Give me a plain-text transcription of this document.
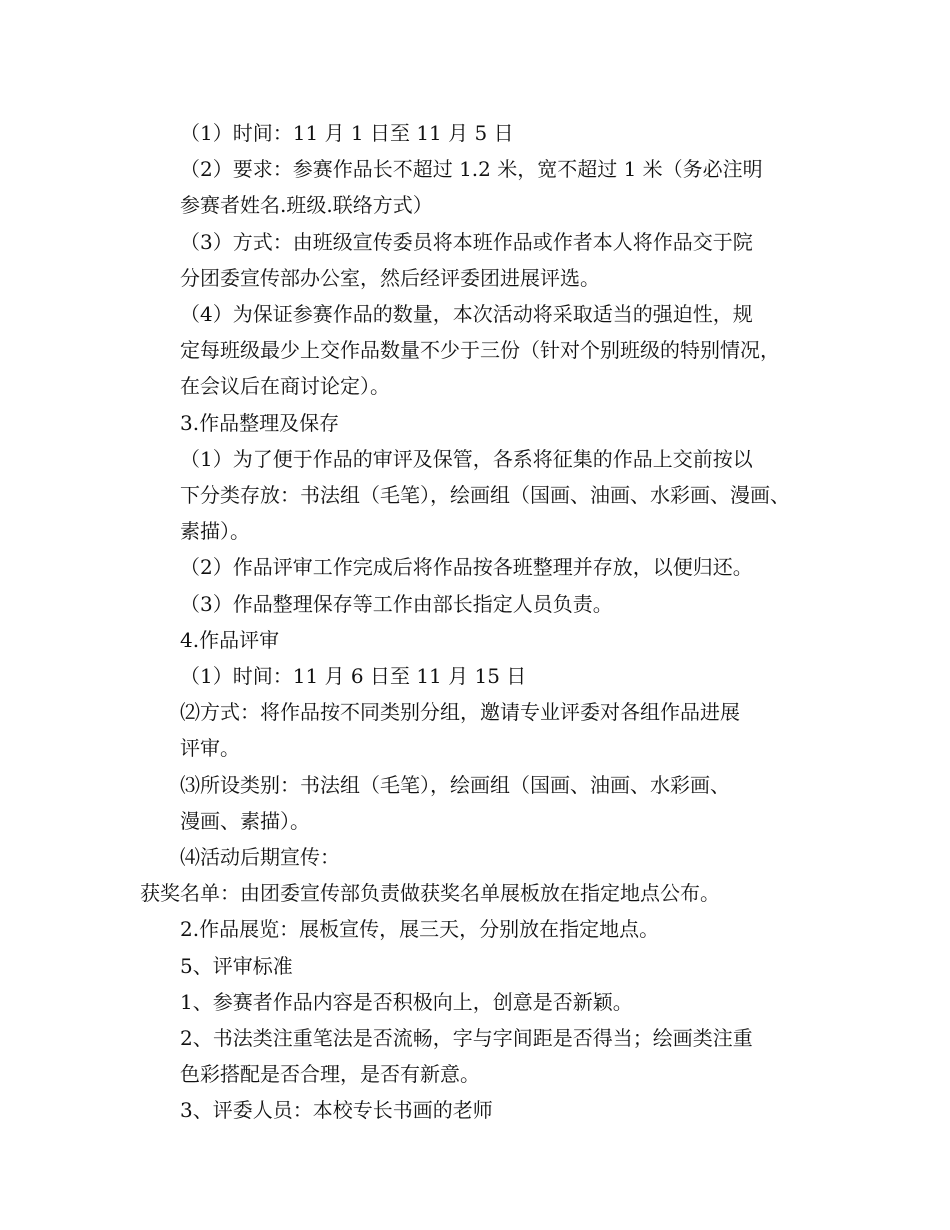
（1）时间：11 月 1 日至 11 月 5 日

（2）要求：参赛作品长不超过 1.2 米，宽不超过 1 米（务必注明
参赛者姓名.班级.联络方式）

（3）方式：由班级宣传委员将本班作品或作者本人将作品交于院
分团委宣传部办公室，然后经评委团进展评选。

（4）为保证参赛作品的数量，本次活动将采取适当的强迫性，规
定每班级最少上交作品数量不少于三份（针对个别班级的特别情况，
在会议后在商讨论定）。

3.作品整理及保存

（1）为了便于作品的审评及保管，各系将征集的作品上交前按以
下分类存放：书法组（毛笔），绘画组（国画、油画、水彩画、漫画、
素描）。

（2）作品评审工作完成后将作品按各班整理并存放，以便归还。

（3）作品整理保存等工作由部长指定人员负责。

4.作品评审

（1）时间：11 月 6 日至 11 月 15 日

⑵方式：将作品按不同类别分组，邀请专业评委对各组作品进展
评审。

⑶所设类别：书法组（毛笔），绘画组（国画、油画、水彩画、
漫画、素描）。

⑷活动后期宣传：

获奖名单：由团委宣传部负责做获奖名单展板放在指定地点公布。

2.作品展览：展板宣传，展三天，分别放在指定地点。

5、评审标准

1、参赛者作品内容是否积极向上，创意是否新颖。

2、书法类注重笔法是否流畅，字与字间距是否得当；绘画类注重
色彩搭配是否合理，是否有新意。

3、评委人员：本校专长书画的老师
